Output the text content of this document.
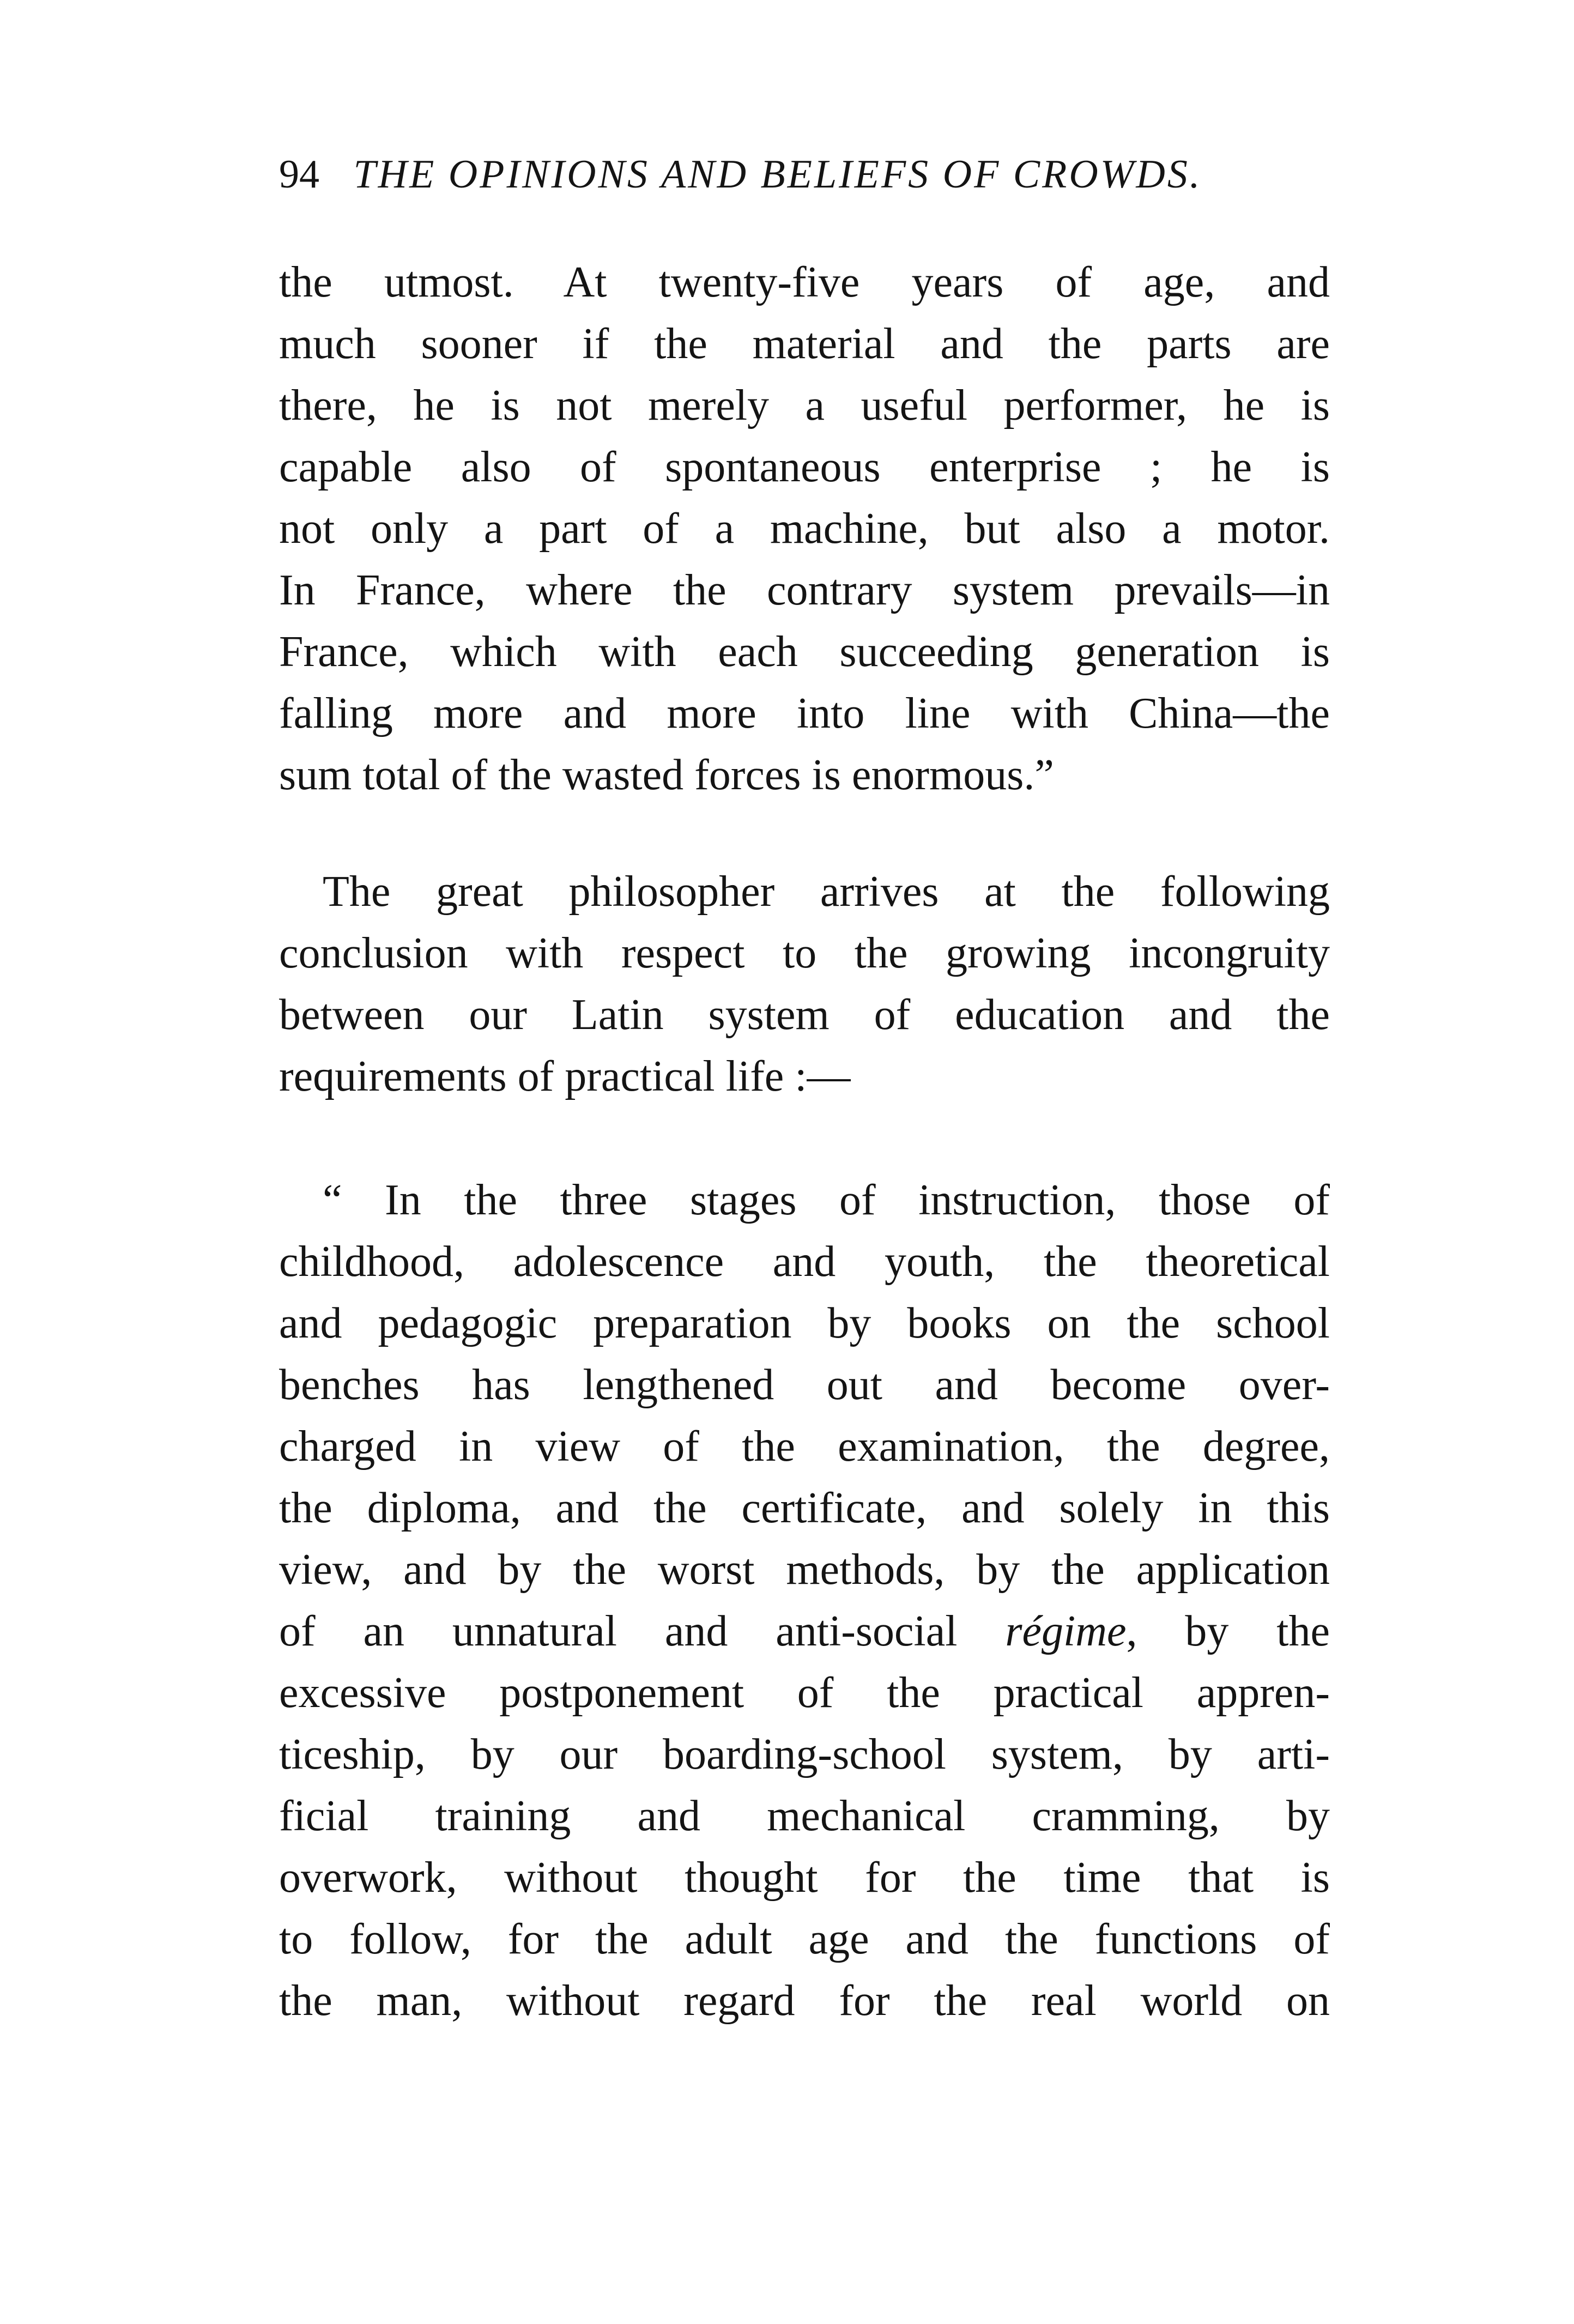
94 THE OPINIONS AND BELIEFS OF CROWDS.
the utmost. At twenty-five years of age, and
much sooner if the material and the parts are
there, he is not merely a useful performer, he is
capable also of spontaneous enterprise ; he is
not only a part of a machine, but also a motor.
In France, where the contrary system prevails—in
France, which with each succeeding generation is
falling more and more into line with China—the
sum total of the wasted forces is enormous.”
The great philosopher arrives at the following
conclusion with respect to the growing incongruity
between our Latin system of education and the
requirements of practical life :—
“ In the three stages of instruction, those of
childhood, adolescence and youth, the theoretical
and pedagogic preparation by books on the school
benches has lengthened out and become over-
charged in view of the examination, the degree,
the diploma, and the certificate, and solely in this
view, and by the worst methods, by the application
of an unnatural and anti-social régime, by the
excessive postponement of the practical appren-
ticeship, by our boarding-school system, by arti-
ficial training and mechanical cramming, by
overwork, without thought for the time that is
to follow, for the adult age and the functions of
the man, without regard for the real world on
